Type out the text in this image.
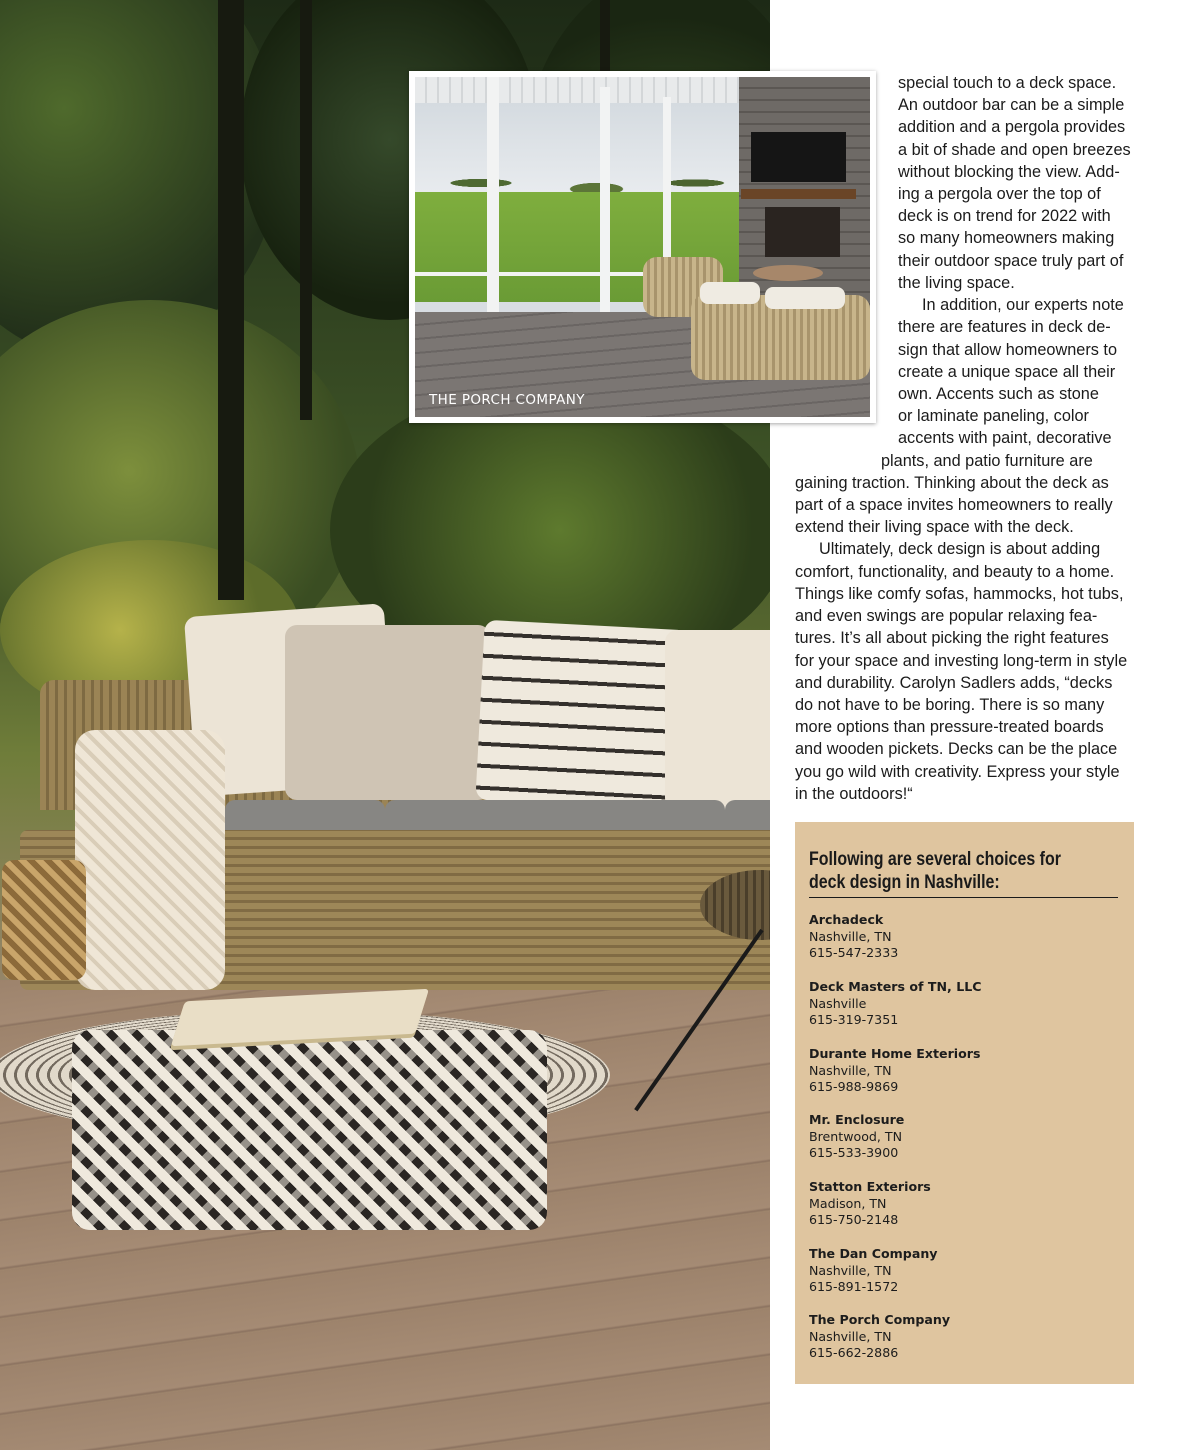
THE PORCH COMPANY
special touch to a deck space.
An outdoor bar can be a simple
addition and a pergola provides
a bit of shade and open breezes
without blocking the view. Add-
ing a pergola over the top of
deck is on trend for 2022 with
so many homeowners making
their outdoor space truly part of
the living space.
In addition, our experts note
there are features in deck de-
sign that allow homeowners to
create a unique space all their
own. Accents such as stone
or laminate paneling, color
accents with paint, decorative
plants, and patio furniture are
gaining traction. Thinking about the deck as
part of a space invites homeowners to really
extend their living space with the deck.
Ultimately, deck design is about adding
comfort, functionality, and beauty to a home.
Things like comfy sofas, hammocks, hot tubs,
and even swings are popular relaxing fea-
tures. It’s all about picking the right features
for your space and investing long-term in style
and durability. Carolyn Sadlers adds, “decks
do not have to be boring. There is so many
more options than pressure-treated boards
and wooden pickets. Decks can be the place
you go wild with creativity. Express your style
in the outdoors!“
Following are several choices for
deck design in Nashville:
Archadeck
Nashville, TN
615-547-2333
Deck Masters of TN, LLC
Nashville
615-319-7351
Durante Home Exteriors
Nashville, TN
615-988-9869
Mr. Enclosure
Brentwood, TN
615-533-3900
Statton Exteriors
Madison, TN
615-750-2148
The Dan Company
Nashville, TN
615-891-1572
The Porch Company
Nashville, TN
615-662-2886
